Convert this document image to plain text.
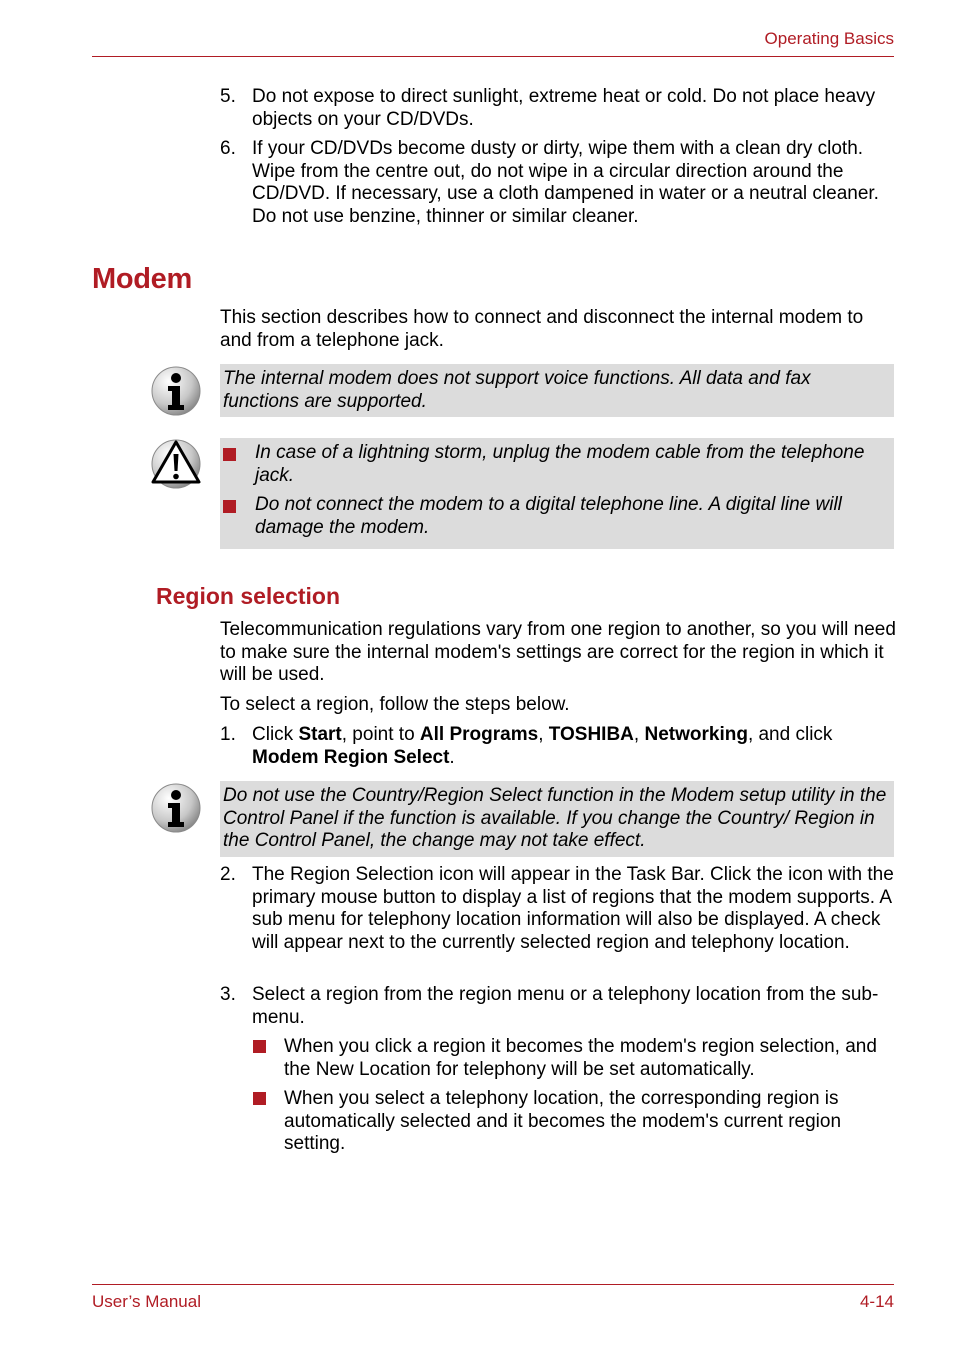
Operating Basics
5. Do not expose to direct sunlight, extreme heat or cold. Do not place heavy objects on your CD/DVDs.
6. If your CD/DVDs become dusty or dirty, wipe them with a clean dry cloth. Wipe from the centre out, do not wipe in a circular direction around the CD/DVD. If necessary, use a cloth dampened in water or a neutral cleaner. Do not use benzine, thinner or similar cleaner.
Modem
This section describes how to connect and disconnect the internal modem to and from a telephone jack.
The internal modem does not support voice functions. All data and fax functions are supported.
In case of a lightning storm, unplug the modem cable from the telephone jack.
Do not connect the modem to a digital telephone line. A digital line will damage the modem.
Region selection
Telecommunication regulations vary from one region to another, so you will need to make sure the internal modem's settings are correct for the region in which it will be used.
To select a region, follow the steps below.
1. Click Start, point to All Programs, TOSHIBA, Networking, and click Modem Region Select.
Do not use the Country/Region Select function in the Modem setup utility in the Control Panel if the function is available. If you change the Country/ Region in the Control Panel, the change may not take effect.
2. The Region Selection icon will appear in the Task Bar. Click the icon with the primary mouse button to display a list of regions that the modem supports. A sub menu for telephony location information will also be displayed. A check will appear next to the currently selected region and telephony location.
3. Select a region from the region menu or a telephony location from the sub-menu.
When you click a region it becomes the modem's region selection, and the New Location for telephony will be set automatically.
When you select a telephony location, the corresponding region is automatically selected and it becomes the modem's current region setting.
User’s Manual	4-14
